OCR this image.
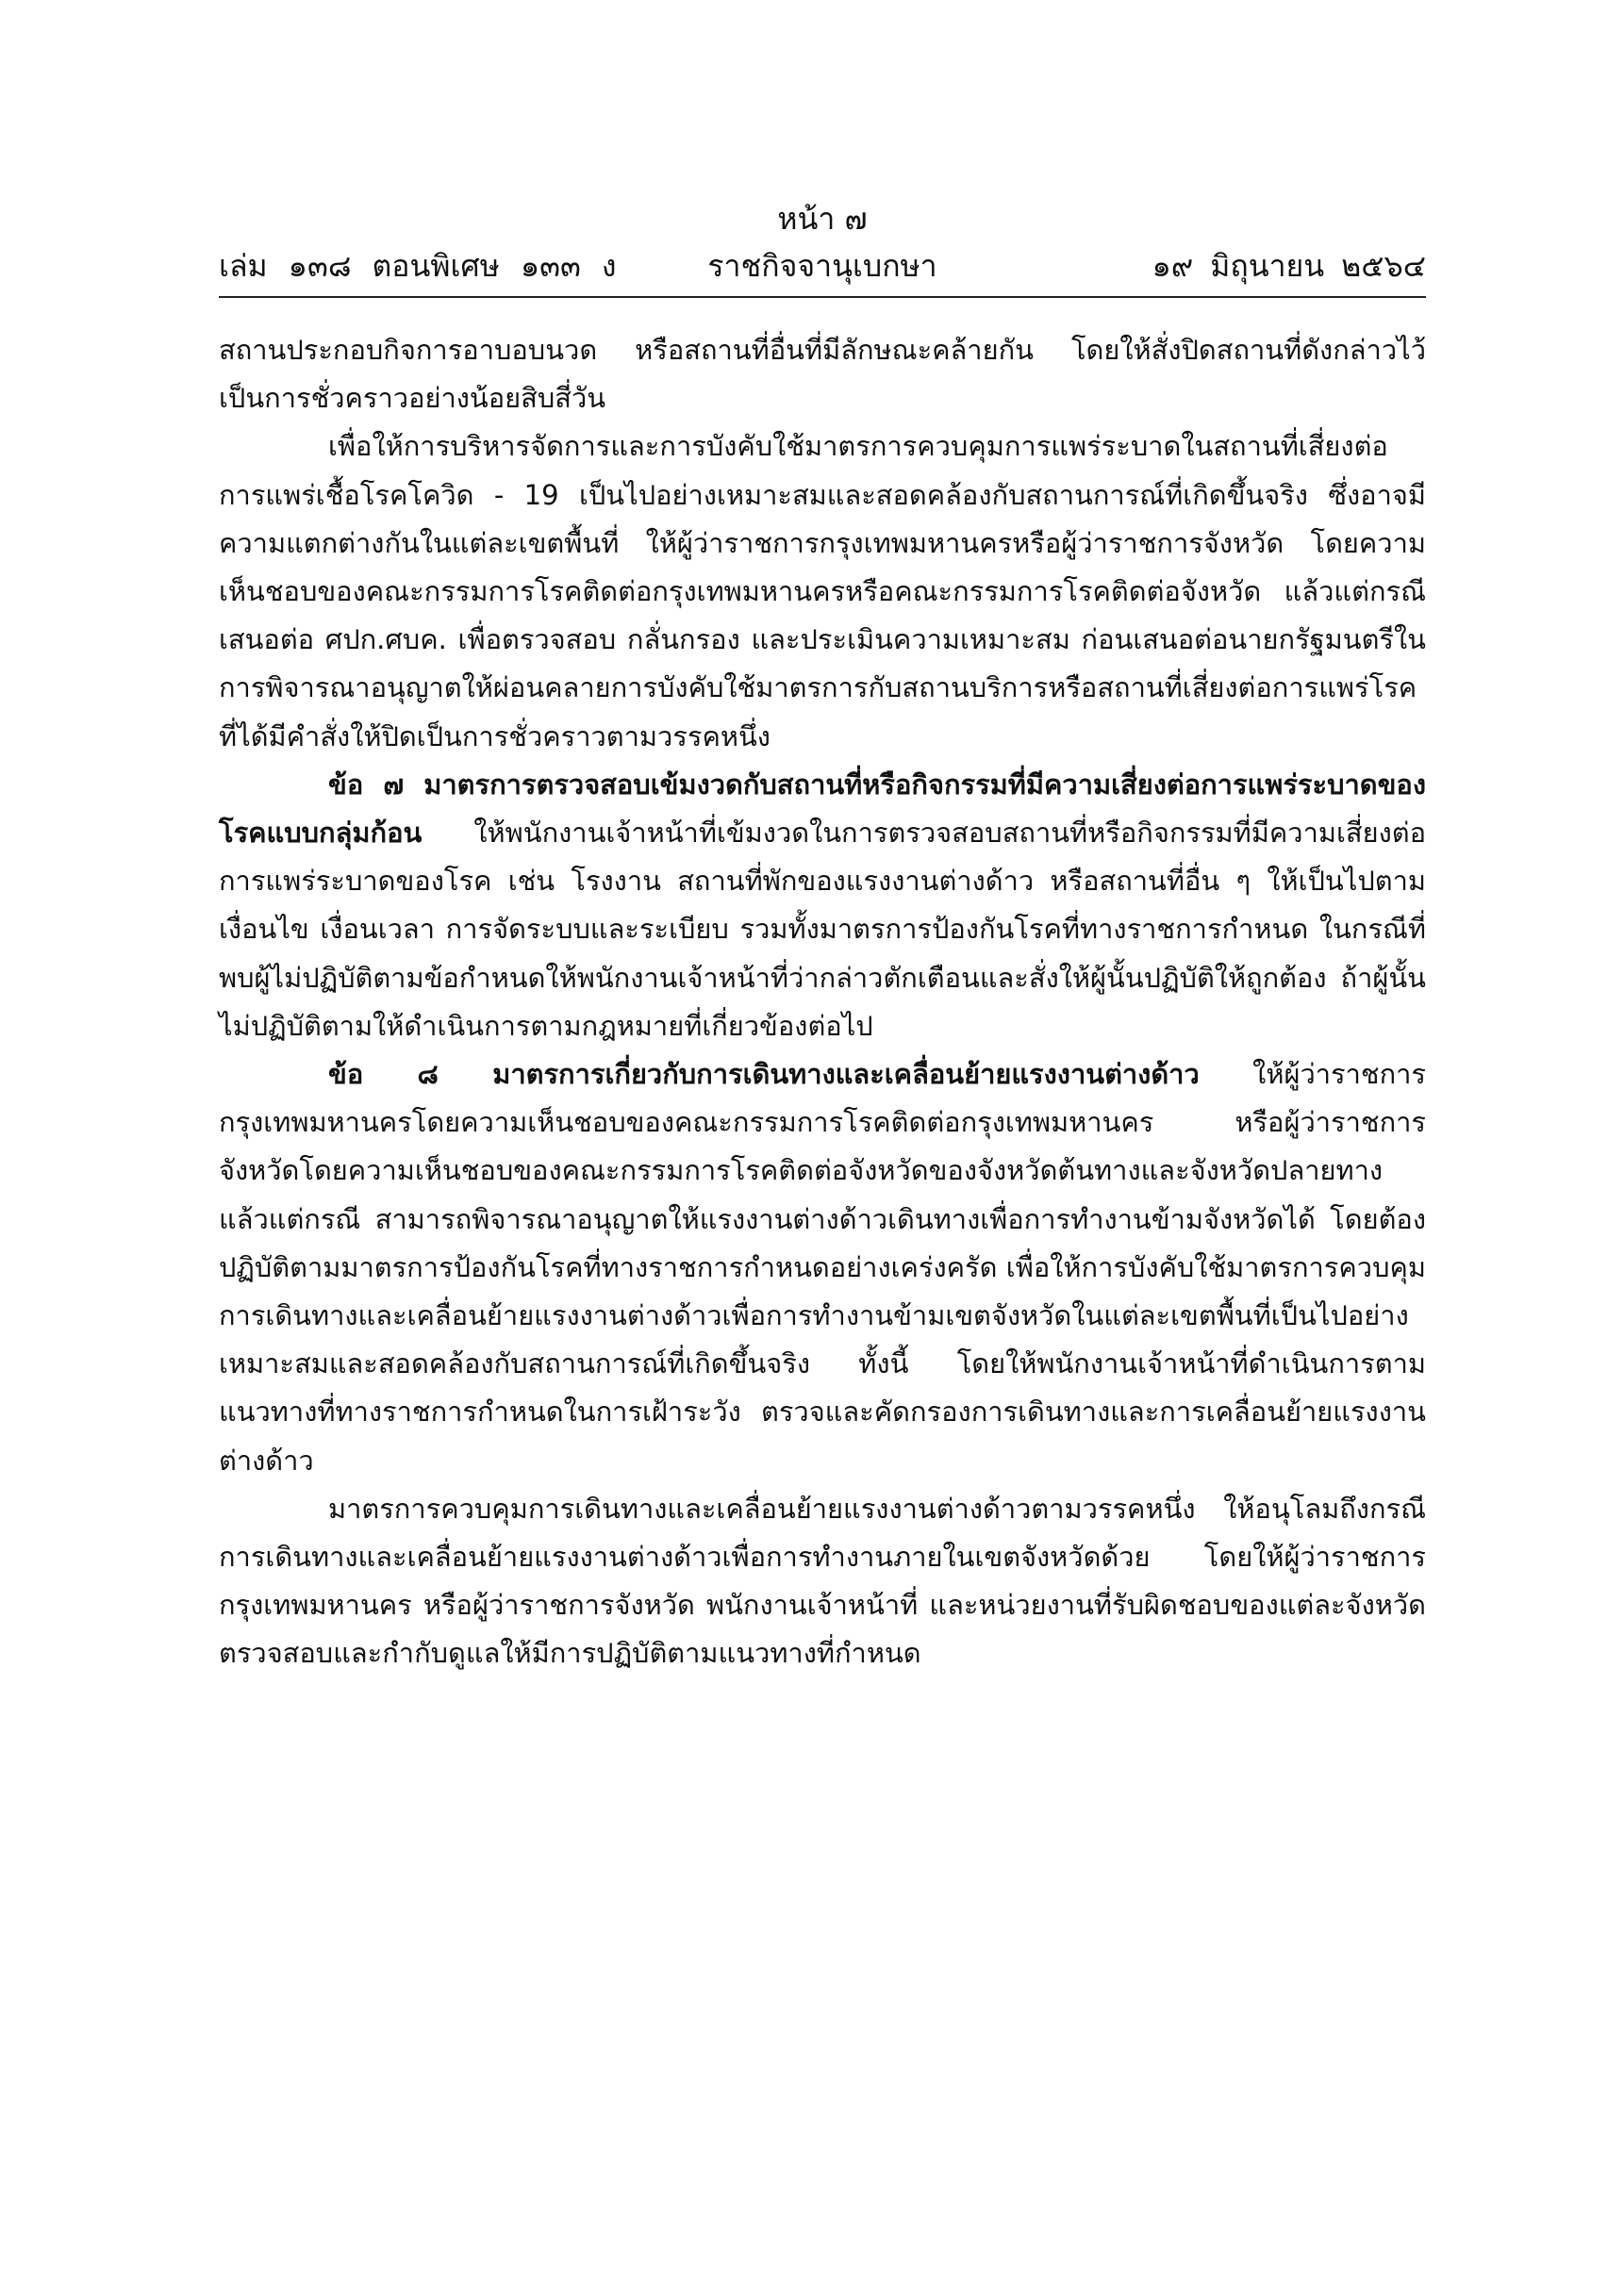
หน้า ๗
เล่ม ๑๓๘ ตอนพิเศษ ๑๓๓ ง	ราชกิจจานุเบกษา	๑๙ มิถุนายน ๒๕๖๔

สถานประกอบกิจการอาบอบนวด หรือสถานที่อื่นที่มีลักษณะคล้ายกัน โดยให้สั่งปิดสถานที่ดังกล่าวไว้เป็นการชั่วคราวอย่างน้อยสิบสี่วัน

เพื่อให้การบริหารจัดการและการบังคับใช้มาตรการควบคุมการแพร่ระบาดในสถานที่เสี่ยงต่อการแพร่เชื้อโรคโควิด - 19 เป็นไปอย่างเหมาะสมและสอดคล้องกับสถานการณ์ที่เกิดขึ้นจริง ซึ่งอาจมีความแตกต่างกันในแต่ละเขตพื้นที่ ให้ผู้ว่าราชการกรุงเทพมหานครหรือผู้ว่าราชการจังหวัด โดยความเห็นชอบของคณะกรรมการโรคติดต่อกรุงเทพมหานครหรือคณะกรรมการโรคติดต่อจังหวัด แล้วแต่กรณี เสนอต่อ ศปก.ศบค. เพื่อตรวจสอบ กลั่นกรอง และประเมินความเหมาะสม ก่อนเสนอต่อนายกรัฐมนตรีในการพิจารณาอนุญาตให้ผ่อนคลายการบังคับใช้มาตรการกับสถานบริการหรือสถานที่เสี่ยงต่อการแพร่โรคที่ได้มีคำสั่งให้ปิดเป็นการชั่วคราวตามวรรคหนึ่ง

ข้อ ๗ มาตรการตรวจสอบเข้มงวดกับสถานที่หรือกิจกรรมที่มีความเสี่ยงต่อการแพร่ระบาดของโรคแบบกลุ่มก้อน ให้พนักงานเจ้าหน้าที่เข้มงวดในการตรวจสอบสถานที่หรือกิจกรรมที่มีความเสี่ยงต่อการแพร่ระบาดของโรค เช่น โรงงาน สถานที่พักของแรงงานต่างด้าว หรือสถานที่อื่น ๆ ให้เป็นไปตามเงื่อนไข เงื่อนเวลา การจัดระบบและระเบียบ รวมทั้งมาตรการป้องกันโรคที่ทางราชการกำหนด ในกรณีที่พบผู้ไม่ปฏิบัติตามข้อกำหนดให้พนักงานเจ้าหน้าที่ว่ากล่าวตักเตือนและสั่งให้ผู้นั้นปฏิบัติให้ถูกต้อง ถ้าผู้นั้นไม่ปฏิบัติตามให้ดำเนินการตามกฎหมายที่เกี่ยวข้องต่อไป

ข้อ ๘ มาตรการเกี่ยวกับการเดินทางและเคลื่อนย้ายแรงงานต่างด้าว ให้ผู้ว่าราชการกรุงเทพมหานครโดยความเห็นชอบของคณะกรรมการโรคติดต่อกรุงเทพมหานคร หรือผู้ว่าราชการจังหวัดโดยความเห็นชอบของคณะกรรมการโรคติดต่อจังหวัดของจังหวัดต้นทางและจังหวัดปลายทาง แล้วแต่กรณี สามารถพิจารณาอนุญาตให้แรงงานต่างด้าวเดินทางเพื่อการทำงานข้ามจังหวัดได้ โดยต้องปฏิบัติตามมาตรการป้องกันโรคที่ทางราชการกำหนดอย่างเคร่งครัด เพื่อให้การบังคับใช้มาตรการควบคุมการเดินทางและเคลื่อนย้ายแรงงานต่างด้าวเพื่อการทำงานข้ามเขตจังหวัดในแต่ละเขตพื้นที่เป็นไปอย่างเหมาะสมและสอดคล้องกับสถานการณ์ที่เกิดขึ้นจริง ทั้งนี้ โดยให้พนักงานเจ้าหน้าที่ดำเนินการตามแนวทางที่ทางราชการกำหนดในการเฝ้าระวัง ตรวจและคัดกรองการเดินทางและการเคลื่อนย้ายแรงงานต่างด้าว

มาตรการควบคุมการเดินทางและเคลื่อนย้ายแรงงานต่างด้าวตามวรรคหนึ่ง ให้อนุโลมถึงกรณีการเดินทางและเคลื่อนย้ายแรงงานต่างด้าวเพื่อการทำงานภายในเขตจังหวัดด้วย โดยให้ผู้ว่าราชการกรุงเทพมหานคร หรือผู้ว่าราชการจังหวัด พนักงานเจ้าหน้าที่ และหน่วยงานที่รับผิดชอบของแต่ละจังหวัดตรวจสอบและกำกับดูแลให้มีการปฏิบัติตามแนวทางที่กำหนด
